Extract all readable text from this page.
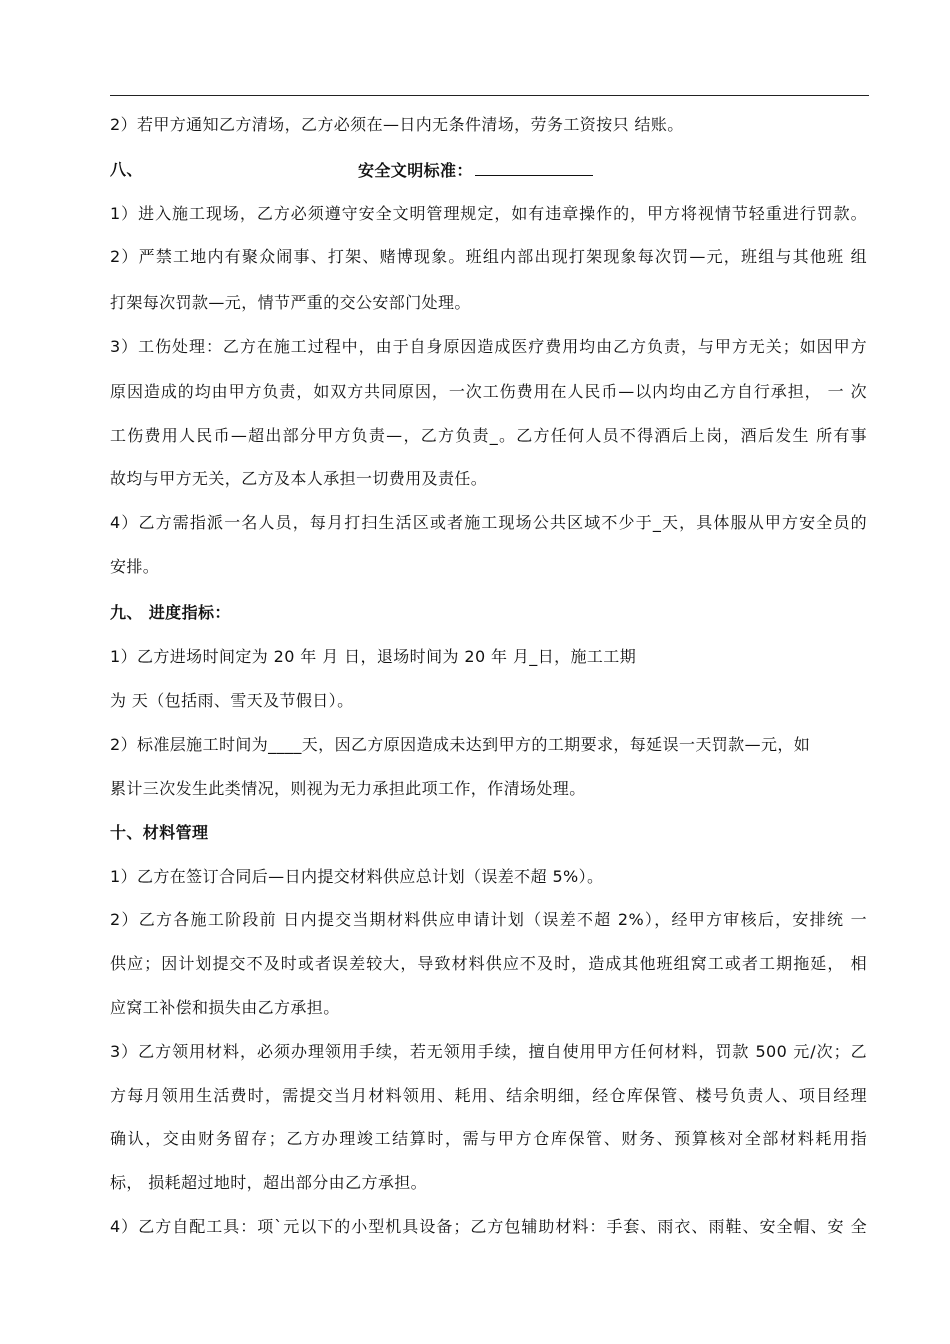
2）若甲方通知乙方清场，乙方必须在—日内无条件清场，劳务工资按只 结账。
八、	安全文明标准：
1）进入施工现场，乙方必须遵守安全文明管理规定，如有违章操作的，甲方将视情节轻重进行罚款。
2）严禁工地内有聚众闹事、打架、赌博现象。班组内部出现打架现象每次罚—元，班组与其他班 组
打架每次罚款—元，情节严重的交公安部门处理。
3）工伤处理：乙方在施工过程中，由于自身原因造成医疗费用均由乙方负责，与甲方无关；如因甲方
原因造成的均由甲方负责，如双方共同原因，一次工伤费用在人民币—以内均由乙方自行承担， 一 次
工伤费用人民币—超出部分甲方负责—，乙方负责_。乙方任何人员不得酒后上岗，酒后发生 所有事
故均与甲方无关，乙方及本人承担一切费用及责任。
4）乙方需指派一名人员，每月打扫生活区或者施工现场公共区域不少于_天，具体服从甲方安全员的
安排。
九、 进度指标：
1）乙方进场时间定为 20 年 月 日，退场时间为 20 年 月_日，施工工期
为 天（包括雨、雪天及节假日）。
2）标准层施工时间为____天，因乙方原因造成未达到甲方的工期要求，每延误一天罚款—元，如
累计三次发生此类情况，则视为无力承担此项工作，作清场处理。
十、材料管理
1）乙方在签订合同后—日内提交材料供应总计划（误差不超 5%）。
2）乙方各施工阶段前 日内提交当期材料供应申请计划（误差不超 2%），经甲方审核后，安排统 一
供应；因计划提交不及时或者误差较大，导致材料供应不及时，造成其他班组窝工或者工期拖延， 相
应窝工补偿和损失由乙方承担。
3）乙方领用材料，必须办理领用手续，若无领用手续，擅自使用甲方任何材料，罚款 500 元/次；乙
方每月领用生活费时，需提交当月材料领用、耗用、结余明细，经仓库保管、楼号负责人、项目经理
确认，交由财务留存；乙方办理竣工结算时，需与甲方仓库保管、财务、预算核对全部材料耗用指
标， 损耗超过地时，超出部分由乙方承担。
4）乙方自配工具：项`元以下的小型机具设备；乙方包辅助材料：手套、雨衣、雨鞋、安全帽、安 全
